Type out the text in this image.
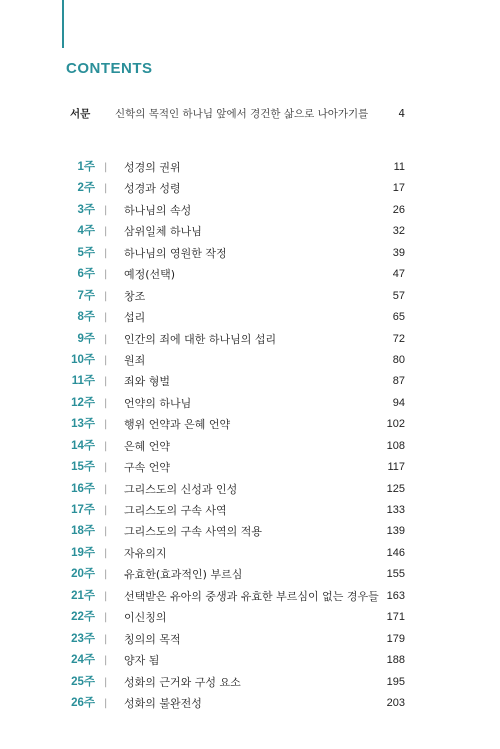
CONTENTS
서문 신학의 목적인 하나님 앞에서 경건한 삶으로 나아가기를	4
1주 | 성경의 권위	11
2주 | 성경과 성령	17
3주 | 하나님의 속성	26
4주 | 삼위일체 하나님	32
5주 | 하나님의 영원한 작정	39
6주 | 예정(선택)	47
7주 | 창조	57
8주 | 섭리	65
9주 | 인간의 죄에 대한 하나님의 섭리	72
10주 | 원죄	80
11주 | 죄와 형벌	87
12주 | 언약의 하나님	94
13주 | 행위 언약과 은혜 언약	102
14주 | 은혜 언약	108
15주 | 구속 언약	117
16주 | 그리스도의 신성과 인성	125
17주 | 그리스도의 구속 사역	133
18주 | 그리스도의 구속 사역의 적용	139
19주 | 자유의지	146
20주 | 유효한(효과적인) 부르심	155
21주 | 선택받은 유아의 중생과 유효한 부르심이 없는 경우들 163
22주 | 이신칭의	171
23주 | 칭의의 목적	179
24주 | 양자 됨	188
25주 | 성화의 근거와 구성 요소	195
26주 | 성화의 불완전성	203
